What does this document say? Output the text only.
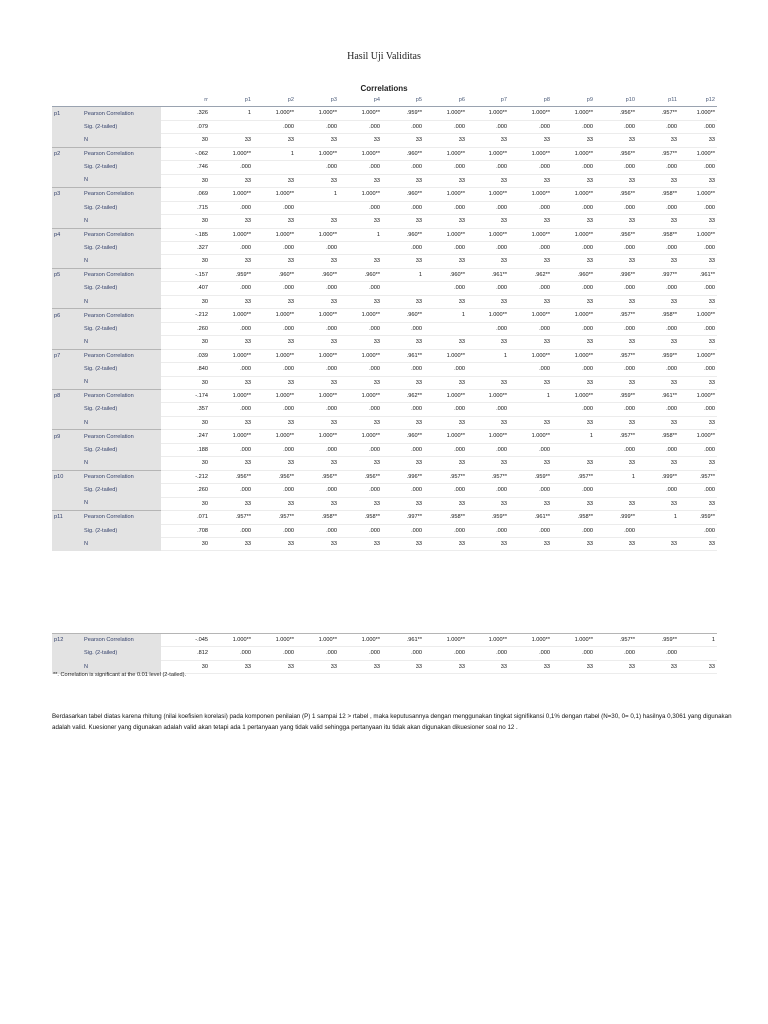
Hasil Uji Validitas
Correlations
		rr	p1	p2	p3	p4	p5	p6	p7	p8	p9	p10	p11	p12
p1	Pearson Correlation	.326	1	1.000**	1.000**	1.000**	.959**	1.000**	1.000**	1.000**	1.000**	.956**	.957**	1.000**
	Sig. (2-tailed)	.079		.000	.000	.000	.000	.000	.000	.000	.000	.000	.000	.000
	N	30	33	33	33	33	33	33	33	33	33	33	33	33
p2	Pearson Correlation	-.062	1.000**	1	1.000**	1.000**	.960**	1.000**	1.000**	1.000**	1.000**	.956**	.957**	1.000**
	Sig. (2-tailed)	.746	.000		.000	.000	.000	.000	.000	.000	.000	.000	.000	.000
	N	30	33	33	33	33	33	33	33	33	33	33	33	33
p3	Pearson Correlation	.069	1.000**	1.000**	1	1.000**	.960**	1.000**	1.000**	1.000**	1.000**	.956**	.958**	1.000**
	Sig. (2-tailed)	.715	.000	.000		.000	.000	.000	.000	.000	.000	.000	.000	.000
	N	30	33	33	33	33	33	33	33	33	33	33	33	33
p4	Pearson Correlation	-.185	1.000**	1.000**	1.000**	1	.960**	1.000**	1.000**	1.000**	1.000**	.956**	.958**	1.000**
	Sig. (2-tailed)	.327	.000	.000	.000		.000	.000	.000	.000	.000	.000	.000	.000
	N	30	33	33	33	33	33	33	33	33	33	33	33	33
p5	Pearson Correlation	-.157	.959**	.960**	.960**	.960**	1	.960**	.961**	.962**	.960**	.996**	.997**	.961**
	Sig. (2-tailed)	.407	.000	.000	.000	.000		.000	.000	.000	.000	.000	.000	.000
	N	30	33	33	33	33	33	33	33	33	33	33	33	33
p6	Pearson Correlation	-.212	1.000**	1.000**	1.000**	1.000**	.960**	1	1.000**	1.000**	1.000**	.957**	.958**	1.000**
	Sig. (2-tailed)	.260	.000	.000	.000	.000	.000		.000	.000	.000	.000	.000	.000
	N	30	33	33	33	33	33	33	33	33	33	33	33	33
p7	Pearson Correlation	.039	1.000**	1.000**	1.000**	1.000**	.961**	1.000**	1	1.000**	1.000**	.957**	.959**	1.000**
	Sig. (2-tailed)	.840	.000	.000	.000	.000	.000	.000		.000	.000	.000	.000	.000
	N	30	33	33	33	33	33	33	33	33	33	33	33	33
p8	Pearson Correlation	-.174	1.000**	1.000**	1.000**	1.000**	.962**	1.000**	1.000**	1	1.000**	.959**	.961**	1.000**
	Sig. (2-tailed)	.357	.000	.000	.000	.000	.000	.000	.000		.000	.000	.000	.000
	N	30	33	33	33	33	33	33	33	33	33	33	33	33
p9	Pearson Correlation	.247	1.000**	1.000**	1.000**	1.000**	.960**	1.000**	1.000**	1.000**	1	.957**	.958**	1.000**
	Sig. (2-tailed)	.188	.000	.000	.000	.000	.000	.000	.000	.000		.000	.000	.000
	N	30	33	33	33	33	33	33	33	33	33	33	33	33
p10	Pearson Correlation	-.212	.956**	.956**	.956**	.956**	.996**	.957**	.957**	.959**	.957**	1	.999**	.957**
	Sig. (2-tailed)	.260	.000	.000	.000	.000	.000	.000	.000	.000	.000		.000	.000
	N	30	33	33	33	33	33	33	33	33	33	33	33	33
p11	Pearson Correlation	.071	.957**	.957**	.958**	.958**	.997**	.958**	.959**	.961**	.958**	.999**	1	.959**
	Sig. (2-tailed)	.708	.000	.000	.000	.000	.000	.000	.000	.000	.000	.000		.000
	N	30	33	33	33	33	33	33	33	33	33	33	33	33
p12	Pearson Correlation	-.045	1.000**	1.000**	1.000**	1.000**	.961**	1.000**	1.000**	1.000**	1.000**	.957**	.959**	1
	Sig. (2-tailed)	.812	.000	.000	.000	.000	.000	.000	.000	.000	.000	.000	.000	
	N	30	33	33	33	33	33	33	33	33	33	33	33	33
**. Correlation is significant at the 0.01 level (2-tailed).
Berdasarkan tabel diatas karena rhitung (nilai koefisien korelasi) pada komponen penilaian (P) 1 sampai 12 > rtabel , maka keputusannya dengan menggunakan tingkat signifikansi 0,1% dengan rtabel (N=30, 0= 0,1) hasilnya 0,3061 yang digunakan adalah valid. Kuesioner yang digunakan adalah valid akan tetapi ada 1 pertanyaan yang tidak valid sehingga pertanyaan itu tidak akan digunakan dikuesioner soal no 12 .
